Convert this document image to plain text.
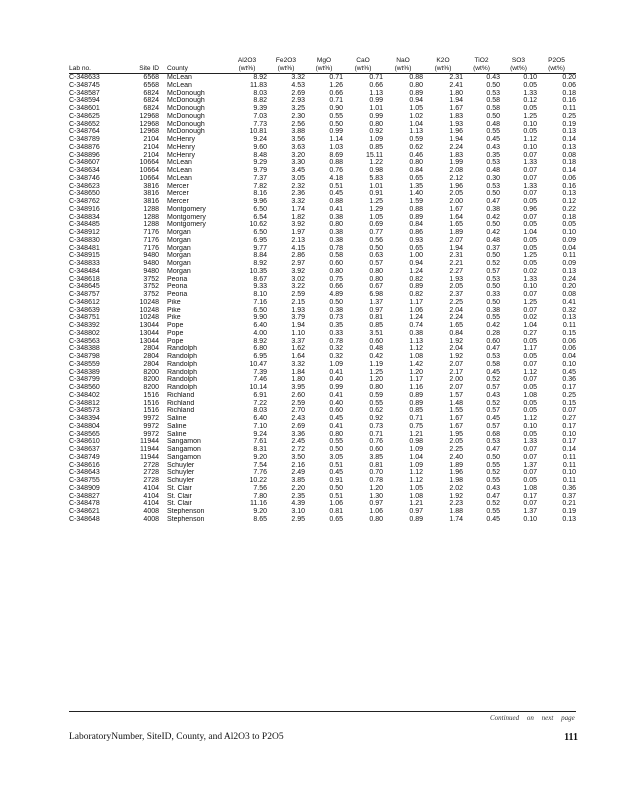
			Al2O3	Fe2O3	MgO	CaO	NaO	K2O	TiO2	SO3	P2O5
Lab no.	Site ID	County	(wt%)	(wt%)	(wt%)	(wt%)	(wt%)	(wt%)	(wt%)	(wt%)	(wt%)
C-348633	6568	McLean	8.92	3.32	0.71	0.71	0.88	2.31	0.43	0.10	0.20
C-348745	6568	McLean	11.83	4.53	1.26	0.66	0.80	2.41	0.50	0.05	0.06
C-348587	6824	McDonough	8.03	2.69	0.66	1.13	0.89	1.80	0.53	1.33	0.18
C-348594	6824	McDonough	8.82	2.93	0.71	0.99	0.94	1.94	0.58	0.12	0.16
C-348601	6824	McDonough	9.39	3.25	0.90	1.01	1.05	1.67	0.58	0.05	0.11
C-348625	12968	McDonough	7.03	2.30	0.55	0.99	1.02	1.83	0.50	1.25	0.25
C-348652	12968	McDonough	7.73	2.56	0.50	0.80	1.04	1.93	0.48	0.10	0.19
C-348764	12968	McDonough	10.81	3.88	0.99	0.92	1.13	1.96	0.55	0.05	0.13
C-348789	2104	McHenry	9.24	3.56	1.14	1.09	0.59	1.94	0.45	1.12	0.14
C-348876	2104	McHenry	9.60	3.63	1.03	0.85	0.62	2.24	0.43	0.10	0.13
C-348896	2104	McHenry	8.48	3.20	8.69	15.11	0.46	1.83	0.35	0.07	0.08
C-348607	10664	McLean	9.29	3.30	0.88	1.22	0.80	1.99	0.53	1.33	0.18
C-348634	10664	McLean	9.79	3.45	0.76	0.98	0.84	2.08	0.48	0.07	0.14
C-348746	10664	McLean	7.37	3.05	4.18	5.83	0.65	2.12	0.30	0.07	0.06
C-348623	3816	Mercer	7.82	2.32	0.51	1.01	1.35	1.96	0.53	1.33	0.16
C-348650	3816	Mercer	8.16	2.36	0.45	0.91	1.40	2.05	0.50	0.07	0.13
C-348762	3816	Mercer	9.96	3.32	0.88	1.25	1.59	2.00	0.47	0.05	0.12
C-348916	1288	Montgomery	6.50	1.74	0.41	1.29	0.88	1.67	0.38	0.96	0.22
C-348834	1288	Montgomery	6.54	1.82	0.38	1.05	0.89	1.64	0.42	0.07	0.18
C-348485	1288	Montgomery	10.62	3.92	0.80	0.69	0.84	1.65	0.50	0.05	0.05
C-348912	7176	Morgan	6.50	1.97	0.38	0.77	0.86	1.89	0.42	1.04	0.10
C-348830	7176	Morgan	6.95	2.13	0.38	0.56	0.93	2.07	0.48	0.05	0.09
C-348481	7176	Morgan	9.77	4.15	0.78	0.50	0.65	1.94	0.37	0.05	0.04
C-348915	9480	Morgan	8.84	2.86	0.58	0.63	1.00	2.31	0.50	1.25	0.11
C-348833	9480	Morgan	8.92	2.97	0.60	0.57	0.94	2.21	0.52	0.05	0.09
C-348484	9480	Morgan	10.35	3.92	0.80	0.80	1.24	2.27	0.57	0.02	0.13
C-348618	3752	Peoria	8.67	3.02	0.75	0.80	0.82	1.93	0.53	1.33	0.24
C-348645	3752	Peoria	9.33	3.22	0.66	0.67	0.89	2.05	0.50	0.10	0.20
C-348757	3752	Peoria	8.10	2.59	4.89	6.98	0.82	2.37	0.33	0.07	0.08
C-348612	10248	Pike	7.16	2.15	0.50	1.37	1.17	2.25	0.50	1.25	0.41
C-348639	10248	Pike	6.50	1.93	0.38	0.97	1.06	2.04	0.38	0.07	0.32
C-348751	10248	Pike	9.90	3.79	0.73	0.81	1.24	2.24	0.55	0.02	0.13
C-348392	13044	Pope	6.40	1.94	0.35	0.85	0.74	1.65	0.42	1.04	0.11
C-348802	13044	Pope	4.00	1.10	0.33	3.51	0.38	0.84	0.28	0.27	0.15
C-348563	13044	Pope	8.92	3.37	0.78	0.60	1.13	1.92	0.60	0.05	0.06
C-348388	2804	Randolph	6.80	1.62	0.32	0.48	1.12	2.04	0.47	1.17	0.06
C-348798	2804	Randolph	6.95	1.64	0.32	0.42	1.08	1.92	0.53	0.05	0.04
C-348559	2804	Randolph	10.47	3.32	1.09	1.19	1.42	2.07	0.58	0.07	0.10
C-348389	8200	Randolph	7.39	1.84	0.41	1.25	1.20	2.17	0.45	1.12	0.45
C-348799	8200	Randolph	7.46	1.80	0.40	1.20	1.17	2.00	0.52	0.07	0.36
C-348560	8200	Randolph	10.14	3.95	0.99	0.80	1.16	2.07	0.57	0.05	0.17
C-348402	1516	Richland	6.91	2.60	0.41	0.59	0.89	1.57	0.43	1.08	0.25
C-348812	1516	Richland	7.22	2.59	0.40	0.55	0.89	1.48	0.52	0.05	0.15
C-348573	1516	Richland	8.03	2.70	0.60	0.62	0.85	1.55	0.57	0.05	0.07
C-348394	9972	Saline	6.40	2.43	0.45	0.92	0.71	1.67	0.45	1.12	0.27
C-348804	9972	Saline	7.10	2.69	0.41	0.73	0.75	1.67	0.57	0.10	0.17
C-348565	9972	Saline	9.24	3.36	0.80	0.71	1.21	1.95	0.68	0.05	0.10
C-348610	11944	Sangamon	7.61	2.45	0.55	0.76	0.98	2.05	0.53	1.33	0.17
C-348637	11944	Sangamon	8.31	2.72	0.50	0.60	1.09	2.25	0.47	0.07	0.14
C-348749	11944	Sangamon	9.20	3.50	3.05	3.85	1.04	2.40	0.50	0.07	0.11
C-348616	2728	Schuyler	7.54	2.16	0.51	0.81	1.09	1.89	0.55	1.37	0.11
C-348643	2728	Schuyler	7.76	2.49	0.45	0.70	1.12	1.96	0.52	0.07	0.10
C-348755	2728	Schuyler	10.22	3.85	0.91	0.78	1.12	1.98	0.55	0.05	0.11
C-348909	4104	St. Clair	7.56	2.20	0.50	1.20	1.05	2.02	0.43	1.08	0.36
C-348827	4104	St. Clair	7.80	2.35	0.51	1.30	1.08	1.92	0.47	0.17	0.37
C-348478	4104	St. Clair	11.16	4.39	1.06	0.97	1.21	2.23	0.52	0.07	0.21
C-348621	4008	Stephenson	9.20	3.10	0.81	1.06	0.97	1.88	0.55	1.37	0.19
C-348648	4008	Stephenson	8.65	2.95	0.65	0.80	0.89	1.74	0.45	0.10	0.13
Continued on next page
LaboratoryNumber, SiteID, County, and Al2O3 to P2O5	111
